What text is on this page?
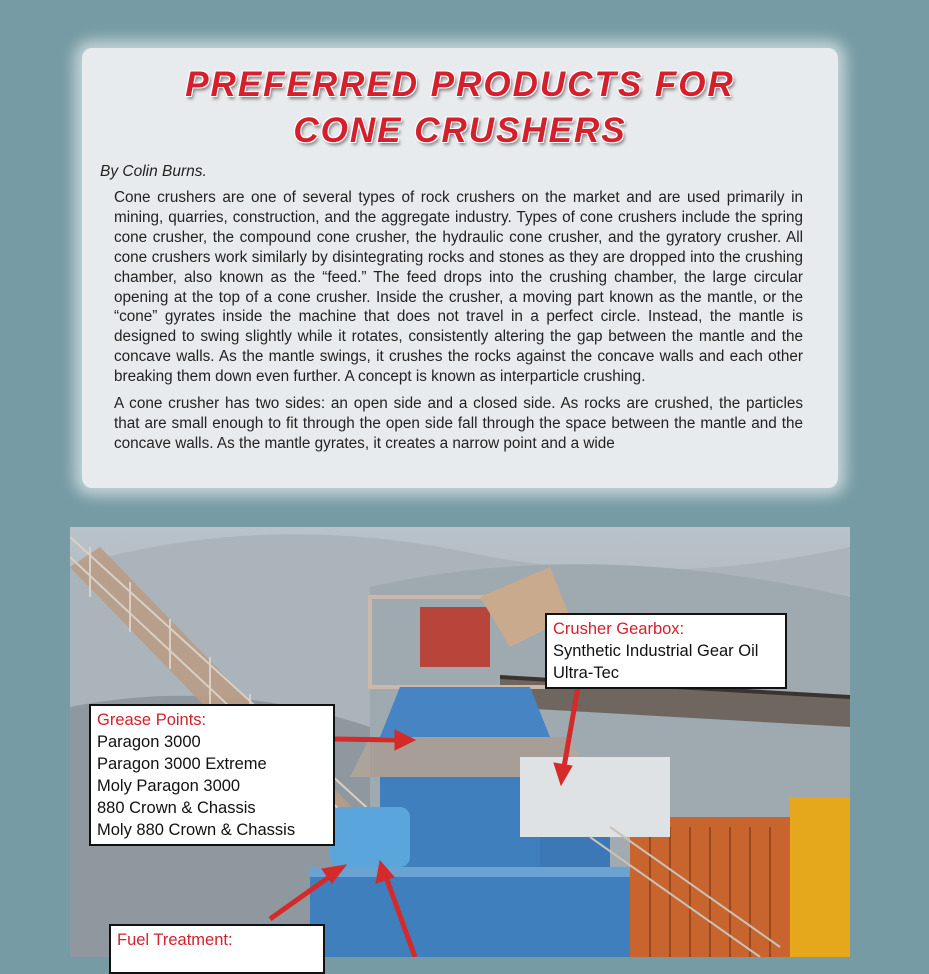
PREFERRED PRODUCTS FOR
CONE CRUSHERS
By Colin Burns.

Cone crushers are one of several types of rock crushers on the market and are used primarily in mining, quarries, construction, and the aggregate industry. Types of cone crushers include the spring cone crusher, the compound cone crusher, the hydraulic cone crusher, and the gyratory crusher. All cone crushers work similarly by disintegrating rocks and stones as they are dropped into the crushing chamber, also known as the “feed.” The feed drops into the crushing chamber, the large circular opening at the top of a cone crusher. Inside the crusher, a moving part known as the mantle, or the “cone” gyrates inside the machine that does not travel in a perfect circle. Instead, the mantle is designed to swing slightly while it rotates, consistently altering the gap between the mantle and the concave walls. As the mantle swings, it crushes the rocks against the concave walls and each other breaking them down even further. A concept is known as interparticle crushing.

A cone crusher has two sides: an open side and a closed side. As rocks are crushed, the particles that are small enough to fit through the open side fall through the space between the mantle and the concave walls. As the mantle gyrates, it creates a narrow point and a wide

Crusher Gearbox:
Synthetic Industrial Gear Oil
Ultra-Tec
Grease Points:
Paragon 3000
Paragon 3000 Extreme
Moly Paragon 3000
880 Crown & Chassis
Moly 880 Crown & Chassis
Fuel Treatment:
